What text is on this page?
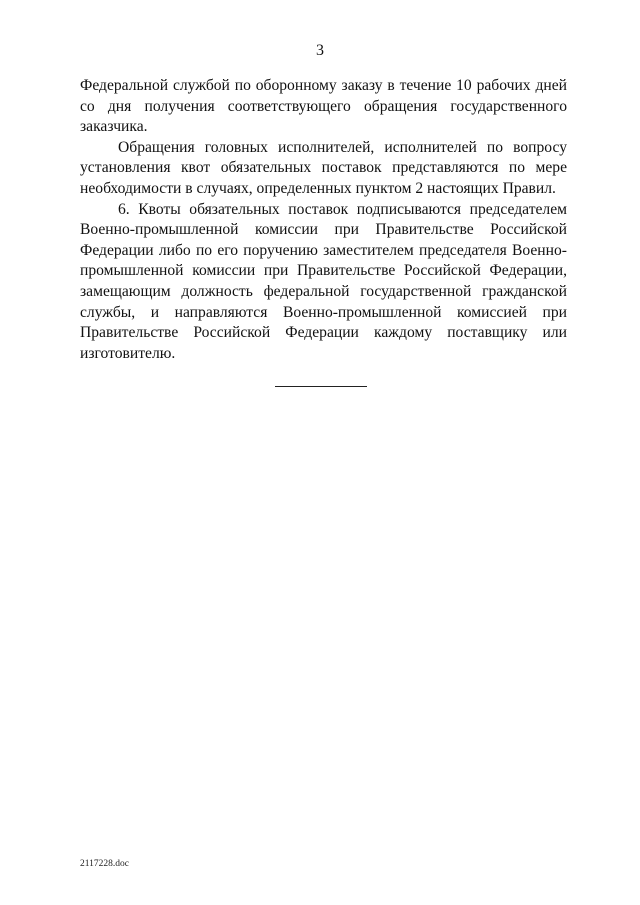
3

Федеральной службой по оборонному заказу в течение 10 рабочих дней со дня получения соответствующего обращения государственного заказчика.

Обращения головных исполнителей, исполнителей по вопросу установления квот обязательных поставок представляются по мере необходимости в случаях, определенных пунктом 2 настоящих Правил.

6. Квоты обязательных поставок подписываются председателем Военно-промышленной комиссии при Правительстве Российской Федерации либо по его поручению заместителем председателя Военно-промышленной комиссии при Правительстве Российской Федерации, замещающим должность федеральной государственной гражданской службы, и направляются Военно-промышленной комиссией при Правительстве Российской Федерации каждому поставщику или изготовителю.

2117228.doc
